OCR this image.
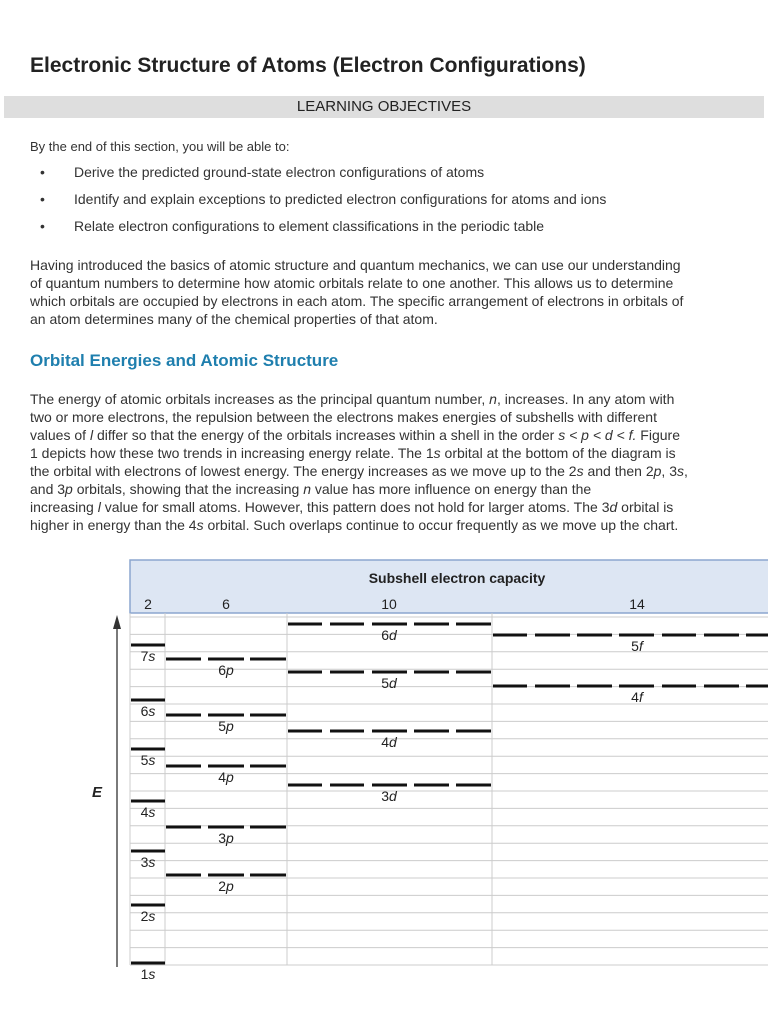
Electronic Structure of Atoms (Electron Configurations)
LEARNING OBJECTIVES

By the end of this section, you will be able to:

• Derive the predicted ground-state electron configurations of atoms
• Identify and explain exceptions to predicted electron configurations for atoms and ions
• Relate electron configurations to element classifications in the periodic table

Having introduced the basics of atomic structure and quantum mechanics, we can use our understanding
of quantum numbers to determine how atomic orbitals relate to one another. This allows us to determine
which orbitals are occupied by electrons in each atom. The specific arrangement of electrons in orbitals of
an atom determines many of the chemical properties of that atom.

Orbital Energies and Atomic Structure

The energy of atomic orbitals increases as the principal quantum number, n, increases. In any atom with
two or more electrons, the repulsion between the electrons makes energies of subshells with different
values of l differ so that the energy of the orbitals increases within a shell in the order s < p < d < f. Figure
1 depicts how these two trends in increasing energy relate. The 1s orbital at the bottom of the diagram is
the orbital with electrons of lowest energy. The energy increases as we move up to the 2s and then 2p, 3s,
and 3p orbitals, showing that the increasing n value has more influence on energy than the
increasing l value for small atoms. However, this pattern does not hold for larger atoms. The 3d orbital is
higher in energy than the 4s orbital. Such overlaps continue to occur frequently as we move up the chart.

Subshell electron capacity
2	6	10	14
E
1s
2s
2p
3s
3p
4s
3d
4p
5s
4d
5p
6s
4f
5d
6p
7s
5f
6d
